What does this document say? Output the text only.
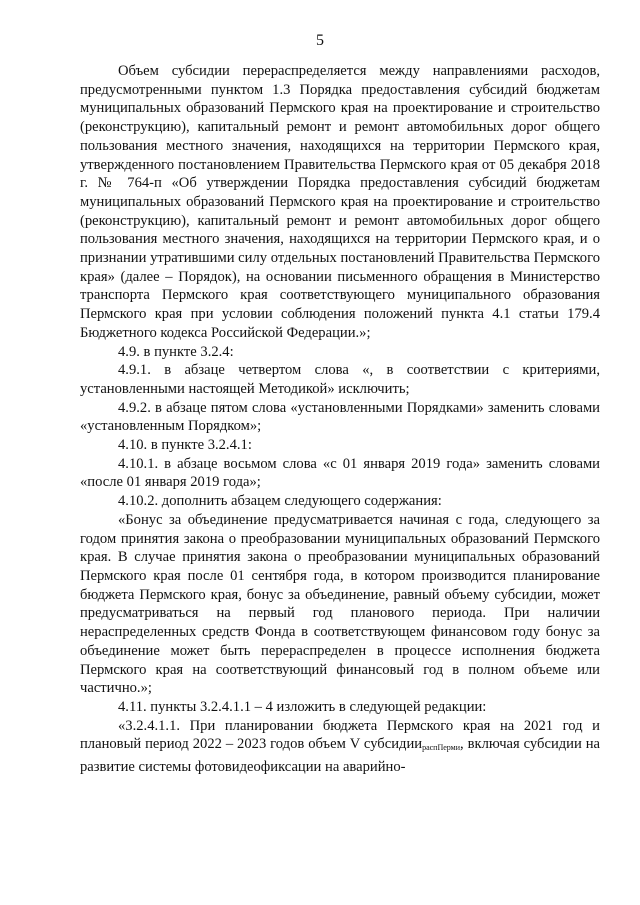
5

Объем субсидии перераспределяется между направлениями расходов, предусмотренными пунктом 1.3 Порядка предоставления субсидий бюджетам муниципальных образований Пермского края на проектирование и строительство (реконструкцию), капитальный ремонт и ремонт автомобильных дорог общего пользования местного значения, находящихся на территории Пермского края, утвержденного постановлением Правительства Пермского края от 05 декабря 2018 г. № 764-п «Об утверждении Порядка предоставления субсидий бюджетам муниципальных образований Пермского края на проектирование и строительство (реконструкцию), капитальный ремонт и ремонт автомобильных дорог общего пользования местного значения, находящихся на территории Пермского края, и о признании утратившими силу отдельных постановлений Правительства Пермского края» (далее – Порядок), на основании письменного обращения в Министерство транспорта Пермского края соответствующего муниципального образования Пермского края при условии соблюдения положений пункта 4.1 статьи 179.4 Бюджетного кодекса Российской Федерации.»;

4.9. в пункте 3.2.4:

4.9.1. в абзаце четвертом слова «, в соответствии с критериями, установленными настоящей Методикой» исключить;

4.9.2. в абзаце пятом слова «установленными Порядками» заменить словами «установленным Порядком»;

4.10. в пункте 3.2.4.1:

4.10.1. в абзаце восьмом слова «с 01 января 2019 года» заменить словами «после 01 января 2019 года»;

4.10.2. дополнить абзацем следующего содержания:

«Бонус за объединение предусматривается начиная с года, следующего за годом принятия закона о преобразовании муниципальных образований Пермского края. В случае принятия закона о преобразовании муниципальных образований Пермского края после 01 сентября года, в котором производится планирование бюджета Пермского края, бонус за объединение, равный объему субсидии, может предусматриваться на первый год планового периода. При наличии нераспределенных средств Фонда в соответствующем финансовом году бонус за объединение может быть перераспределен в процессе исполнения бюджета Пермского края на соответствующий финансовый год в полном объеме или частично.»;

4.11. пункты 3.2.4.1.1 – 4 изложить в следующей редакции:

«3.2.4.1.1. При планировании бюджета Пермского края на 2021 год и плановый период 2022 – 2023 годов объем V субсидиираспПерми, включая субсидии на развитие системы фотовидеофиксации на аварийно-
